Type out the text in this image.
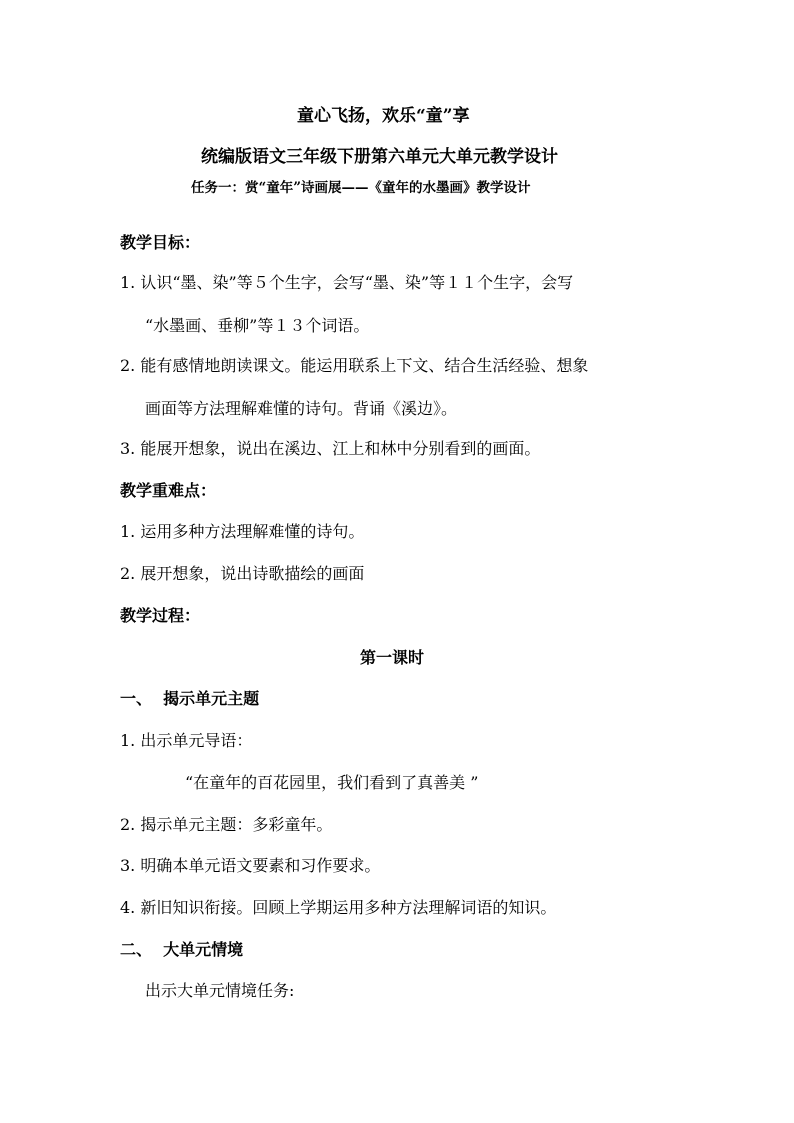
童心飞扬，欢乐“童”享
统编版语文三年级下册第六单元大单元教学设计
任务一：赏“童年”诗画展——《童年的水墨画》教学设计
教学目标：
1. 认识“墨、染”等５个生字，会写“墨、染”等１１个生字，会写
“水墨画、垂柳”等１３个词语。
2. 能有感情地朗读课文。能运用联系上下文、结合生活经验、想象
画面等方法理解难懂的诗句。背诵《溪边》。
3. 能展开想象，说出在溪边、江上和林中分别看到的画面。
教学重难点：
1. 运用多种方法理解难懂的诗句。
2. 展开想象，说出诗歌描绘的画面
教学过程：
第一课时
一、  揭示单元主题
1. 出示单元导语：
“在童年的百花园里，我们看到了真善美 ”
2. 揭示单元主题：多彩童年。
3. 明确本单元语文要素和习作要求。
4. 新旧知识衔接。回顾上学期运用多种方法理解词语的知识。
二、  大单元情境
出示大单元情境任务:
